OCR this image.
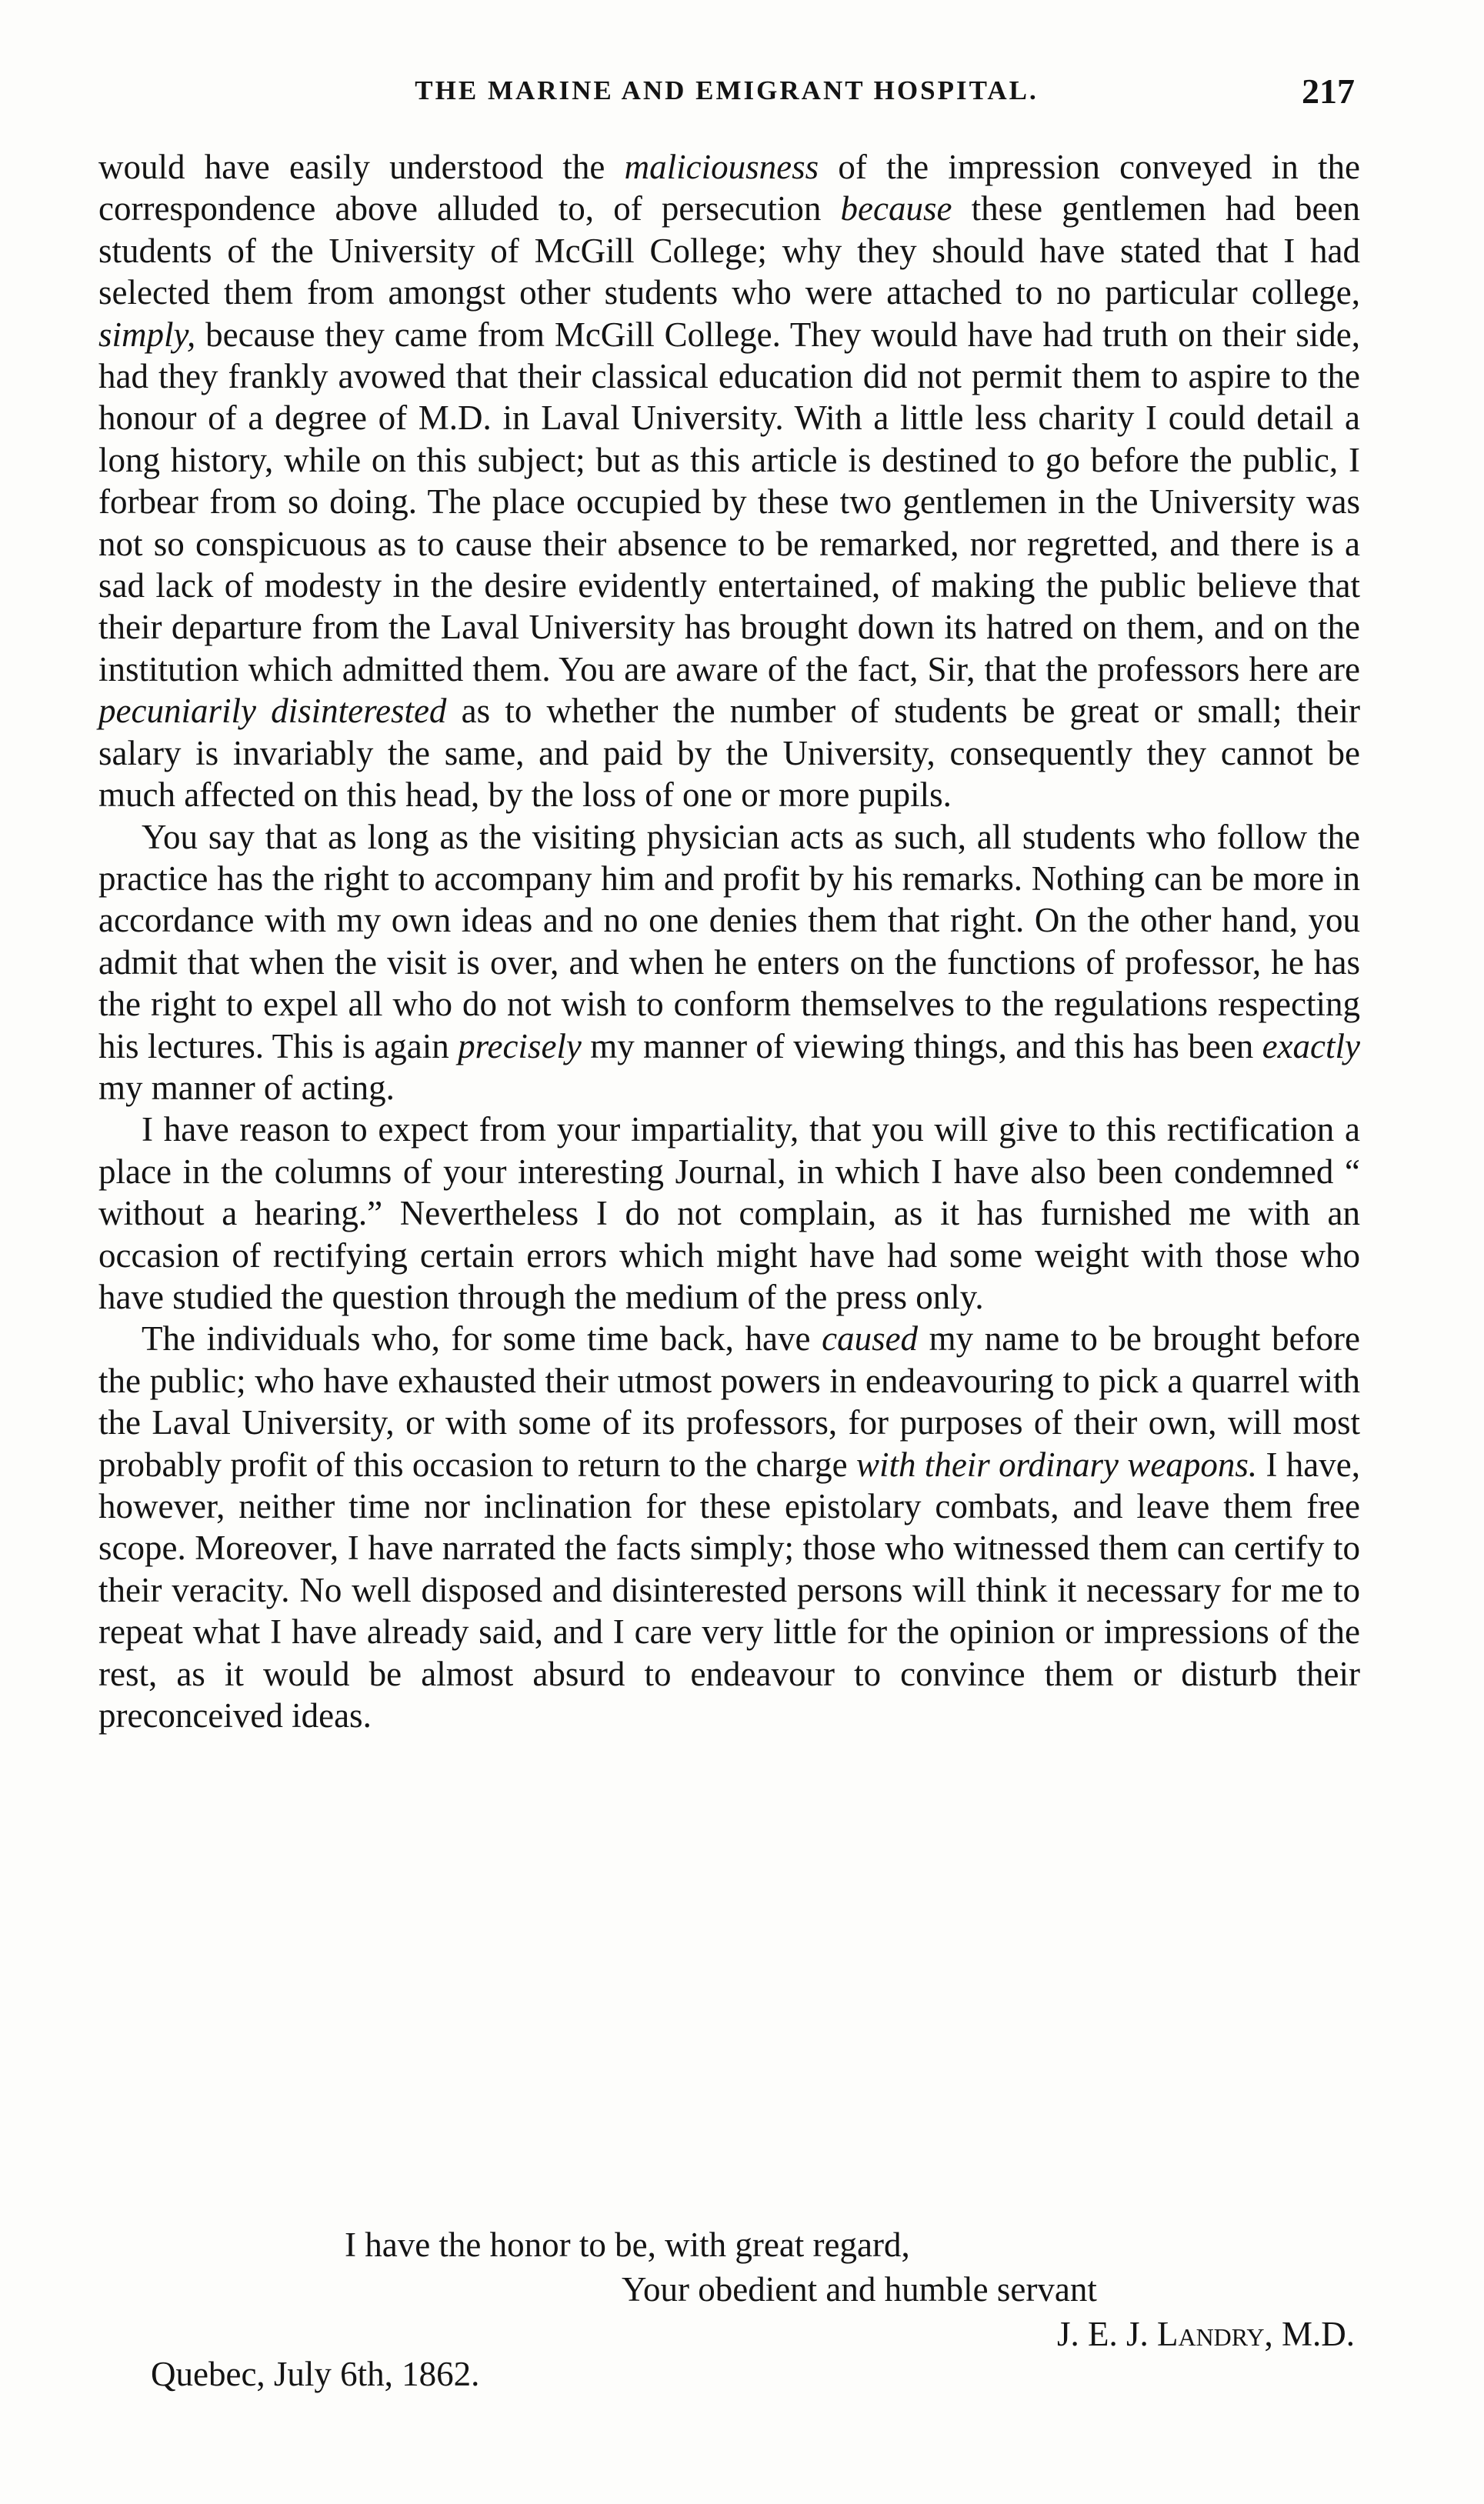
THE MARINE AND EMIGRANT HOSPITAL.	217

would have easily understood the maliciousness of the impression conveyed in the correspondence above alluded to, of persecution because these gentlemen had been students of the University of McGill College; why they should have stated that I had selected them from amongst other students who were attached to no particular college, simply, because they came from McGill College. They would have had truth on their side, had they frankly avowed that their classical education did not permit them to aspire to the honour of a degree of M.D. in Laval University. With a little less charity I could detail a long history, while on this subject; but as this article is destined to go before the public, I forbear from so doing. The place occupied by these two gentlemen in the University was not so conspicuous as to cause their absence to be remarked, nor regretted, and there is a sad lack of modesty in the desire evidently entertained, of making the public believe that their departure from the Laval University has brought down its hatred on them, and on the institution which admitted them. You are aware of the fact, Sir, that the professors here are pecuniarily disinterested as to whether the number of students be great or small; their salary is invariably the same, and paid by the University, consequently they cannot be much affected on this head, by the loss of one or more pupils.

You say that as long as the visiting physician acts as such, all students who follow the practice has the right to accompany him and profit by his remarks. Nothing can be more in accordance with my own ideas and no one denies them that right. On the other hand, you admit that when the visit is over, and when he enters on the functions of professor, he has the right to expel all who do not wish to conform themselves to the regulations respecting his lectures. This is again precisely my manner of viewing things, and this has been exactly my manner of acting.

I have reason to expect from your impartiality, that you will give to this rectification a place in the columns of your interesting Journal, in which I have also been condemned “ without a hearing.” Nevertheless I do not complain, as it has furnished me with an occasion of rectifying certain errors which might have had some weight with those who have studied the question through the medium of the press only.

The individuals who, for some time back, have caused my name to be brought before the public; who have exhausted their utmost powers in endeavouring to pick a quarrel with the Laval University, or with some of its professors, for purposes of their own, will most probably profit of this occasion to return to the charge with their ordinary weapons. I have, however, neither time nor inclination for these epistolary combats, and leave them free scope. Moreover, I have narrated the facts simply; those who witnessed them can certify to their veracity. No well disposed and disinterested persons will think it necessary for me to repeat what I have already said, and I care very little for the opinion or impressions of the rest, as it would be almost absurd to endeavour to convince them or disturb their preconceived ideas.

I have the honor to be, with great regard,
Your obedient and humble servant
J. E. J. Landry, M.D.
Quebec, July 6th, 1862.
